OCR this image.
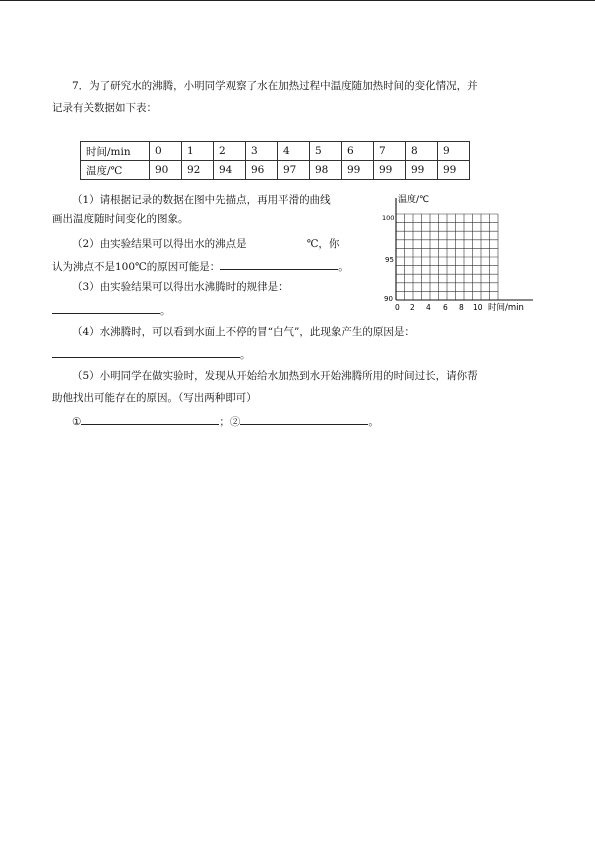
7．为了研究水的沸腾，小明同学观察了水在加热过程中温度随加热时间的变化情况，并
记录有关数据如下表：
时间/min	0	1	2	3	4	5	6	7	8	9
温度/℃	90	92	94	96	97	98	99	99	99	99
（1）请根据记录的数据在图中先描点，再用平滑的曲线
画出温度随时间变化的图象。
（2）由实验结果可以得出水的沸点是	℃，你
认为沸点不是100℃的原因可能是：	。
（3）由实验结果可以得出水沸腾时的规律是：
。
（4）水沸腾时，可以看到水面上不停的冒“白气”，此现象产生的原因是：
。
（5）小明同学在做实验时，发现从开始给水加热到水开始沸腾所用的时间过长，请你帮
助他找出可能存在的原因。（写出两种即可）
①	；②	。
温度/℃
100
95
90
0 2 4 6 8 10 时间/min
